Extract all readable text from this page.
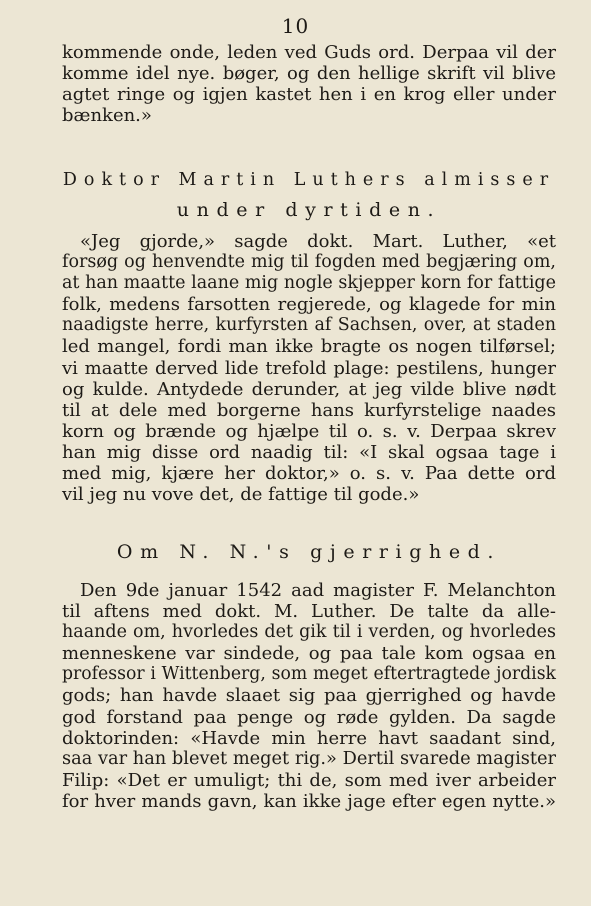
10
kommende onde, leden ved Guds ord. Derpaa vil der
komme idel nye. bøger, og den hellige skrift vil blive
agtet ringe og igjen kastet hen i en krog eller under
bænken.»
Doktor Martin Luthers almisser
under dyrtiden.
«Jeg gjorde,» sagde dokt. Mart. Luther, «et
forsøg og henvendte mig til fogden med begjæring om,
at han maatte laane mig nogle skjepper korn for fattige
folk, medens farsotten regjerede, og klagede for min
naadigste herre, kurfyrsten af Sachsen, over, at staden
led mangel, fordi man ikke bragte os nogen tilførsel;
vi maatte derved lide trefold plage: pestilens, hunger
og kulde. Antydede derunder, at jeg vilde blive nødt
til at dele med borgerne hans kurfyrstelige naades
korn og brænde og hjælpe til o. s. v. Derpaa skrev
han mig disse ord naadig til: «I skal ogsaa tage i
med mig, kjære her doktor,» o. s. v. Paa dette ord
vil jeg nu vove det, de fattige til gode.»
Om N. N.'s gjerrighed.
Den 9de januar 1542 aad magister F. Melanchton
til aftens med dokt. M. Luther. De talte da alle-
haande om, hvorledes det gik til i verden, og hvorledes
menneskene var sindede, og paa tale kom ogsaa en
professor i Wittenberg, som meget eftertragtede jordisk
gods; han havde slaaet sig paa gjerrighed og havde
god forstand paa penge og røde gylden. Da sagde
doktorinden: «Havde min herre havt saadant sind,
saa var han blevet meget rig.» Dertil svarede magister
Filip: «Det er umuligt; thi de, som med iver arbeider
for hver mands gavn, kan ikke jage efter egen nytte.»
